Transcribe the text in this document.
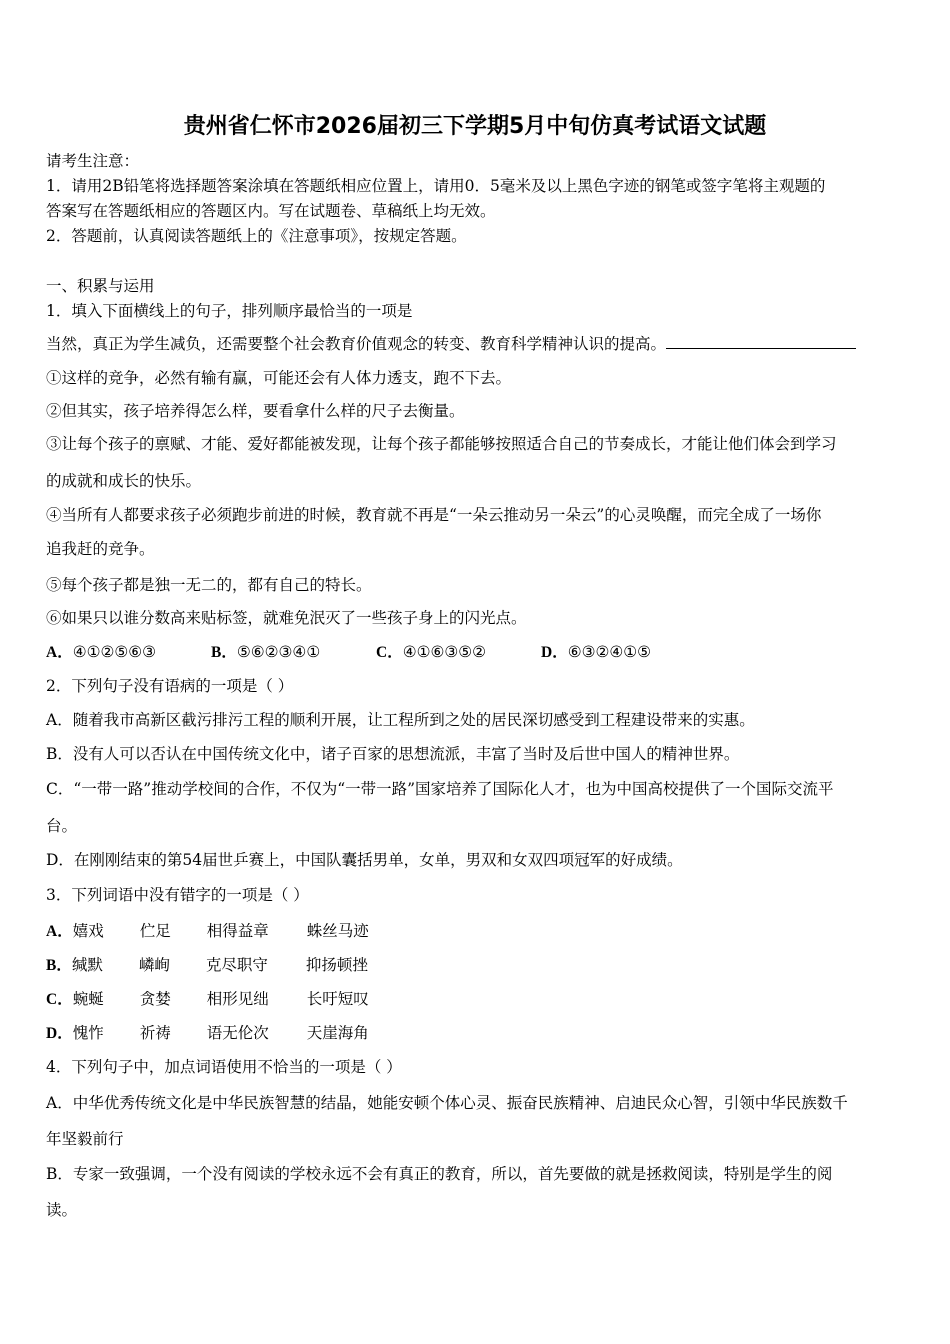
贵州省仁怀市2026届初三下学期5月中旬仿真考试语文试题
请考生注意：
1．请用2B铅笔将选择题答案涂填在答题纸相应位置上，请用0．5毫米及以上黑色字迹的钢笔或签字笔将主观题的
答案写在答题纸相应的答题区内。写在试题卷、草稿纸上均无效。
2．答题前，认真阅读答题纸上的《注意事项》，按规定答题。
一、积累与运用
1．填入下面横线上的句子，排列顺序最恰当的一项是
当然，真正为学生减负，还需要整个社会教育价值观念的转变、教育科学精神认识的提高。
①这样的竞争，必然有输有赢，可能还会有人体力透支，跑不下去。
②但其实，孩子培养得怎么样，要看拿什么样的尺子去衡量。
③让每个孩子的禀赋、才能、爱好都能被发现，让每个孩子都能够按照适合自己的节奏成长，才能让他们体会到学习
的成就和成长的快乐。
④当所有人都要求孩子必须跑步前进的时候，教育就不再是“一朵云推动另一朵云”的心灵唤醒，而完全成了一场你
追我赶的竞争。
⑤每个孩子都是独一无二的，都有自己的特长。
⑥如果只以谁分数高来贴标签，就难免泯灭了一些孩子身上的闪光点。
A．④①②⑤⑥③	B．⑤⑥②③④①	C．④①⑥③⑤②	D．⑥③②④①⑤
2．下列句子没有语病的一项是（ ）
A．随着我市高新区截污排污工程的顺利开展，让工程所到之处的居民深切感受到工程建设带来的实惠。
B．没有人可以否认在中国传统文化中，诸子百家的思想流派，丰富了当时及后世中国人的精神世界。
C．“一带一路”推动学校间的合作，不仅为“一带一路”国家培养了国际化人才，也为中国高校提供了一个国际交流平
台。
D．在刚刚结束的第54届世乒赛上，中国队囊括男单，女单，男双和女双四项冠军的好成绩。
3．下列词语中没有错字的一项是（ ）
A．嬉戏 伫足 相得益章 蛛丝马迹
B．缄默 嶙峋 克尽职守 抑扬顿挫
C．蜿蜒 贪婪 相形见绌 长吁短叹
D．愧怍 祈祷 语无伦次 天崖海角
4．下列句子中，加点词语使用不恰当的一项是（ ）
A．中华优秀传统文化是中华民族智慧的结晶，她能安顿个体心灵、振奋民族精神、启迪民众心智，引领中华民族数千
年坚毅前行
B．专家一致强调，一个没有阅读的学校永远不会有真正的教育，所以，首先要做的就是拯救阅读，特别是学生的阅
读。
